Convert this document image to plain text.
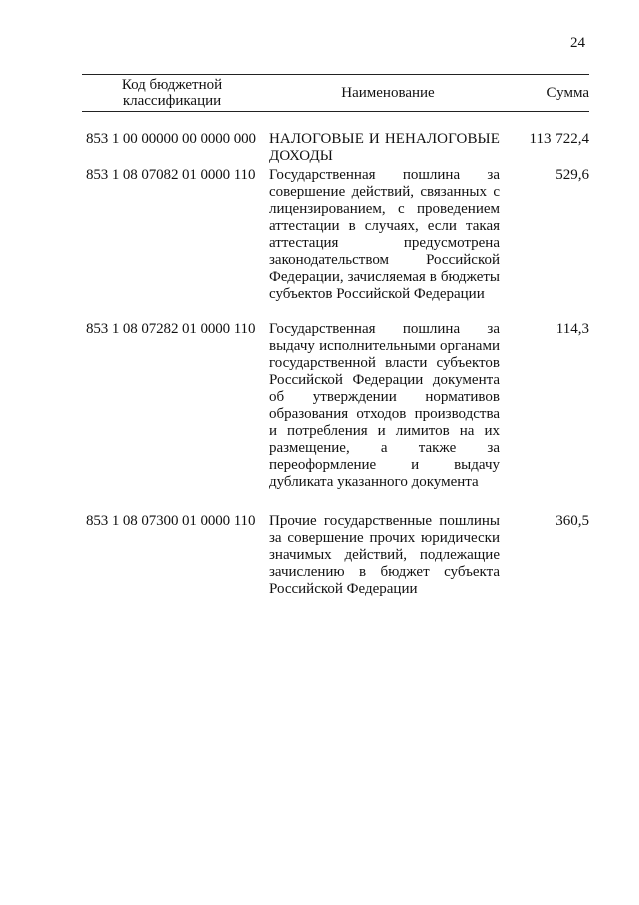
24
Код бюджетной классификации	Наименование	Сумма
853 1 00 00000 00 0000 000 НАЛОГОВЫЕ И НЕНАЛОГОВЫЕ ДОХОДЫ
113 722,4
853 1 08 07082 01 0000 110 Государственная пошлина за совершение действий, связанных с лицензированием, с проведением аттестации в случаях, если такая аттестация предусмотрена законодательством Российской Федерации, зачисляемая в бюджеты субъектов Российской Федерации
529,6
853 1 08 07282 01 0000 110 Государственная пошлина за выдачу исполнительными органами государственной власти субъектов Российской Федерации документа об утверждении нормативов образования отходов производства и потребления и лимитов на их размещение, а также за переоформление и выдачу дубликата указанного документа
114,3
853 1 08 07300 01 0000 110 Прочие государственные пошлины за совершение прочих юридически значимых действий, подлежащие зачислению в бюджет субъекта Российской Федерации
360,5
